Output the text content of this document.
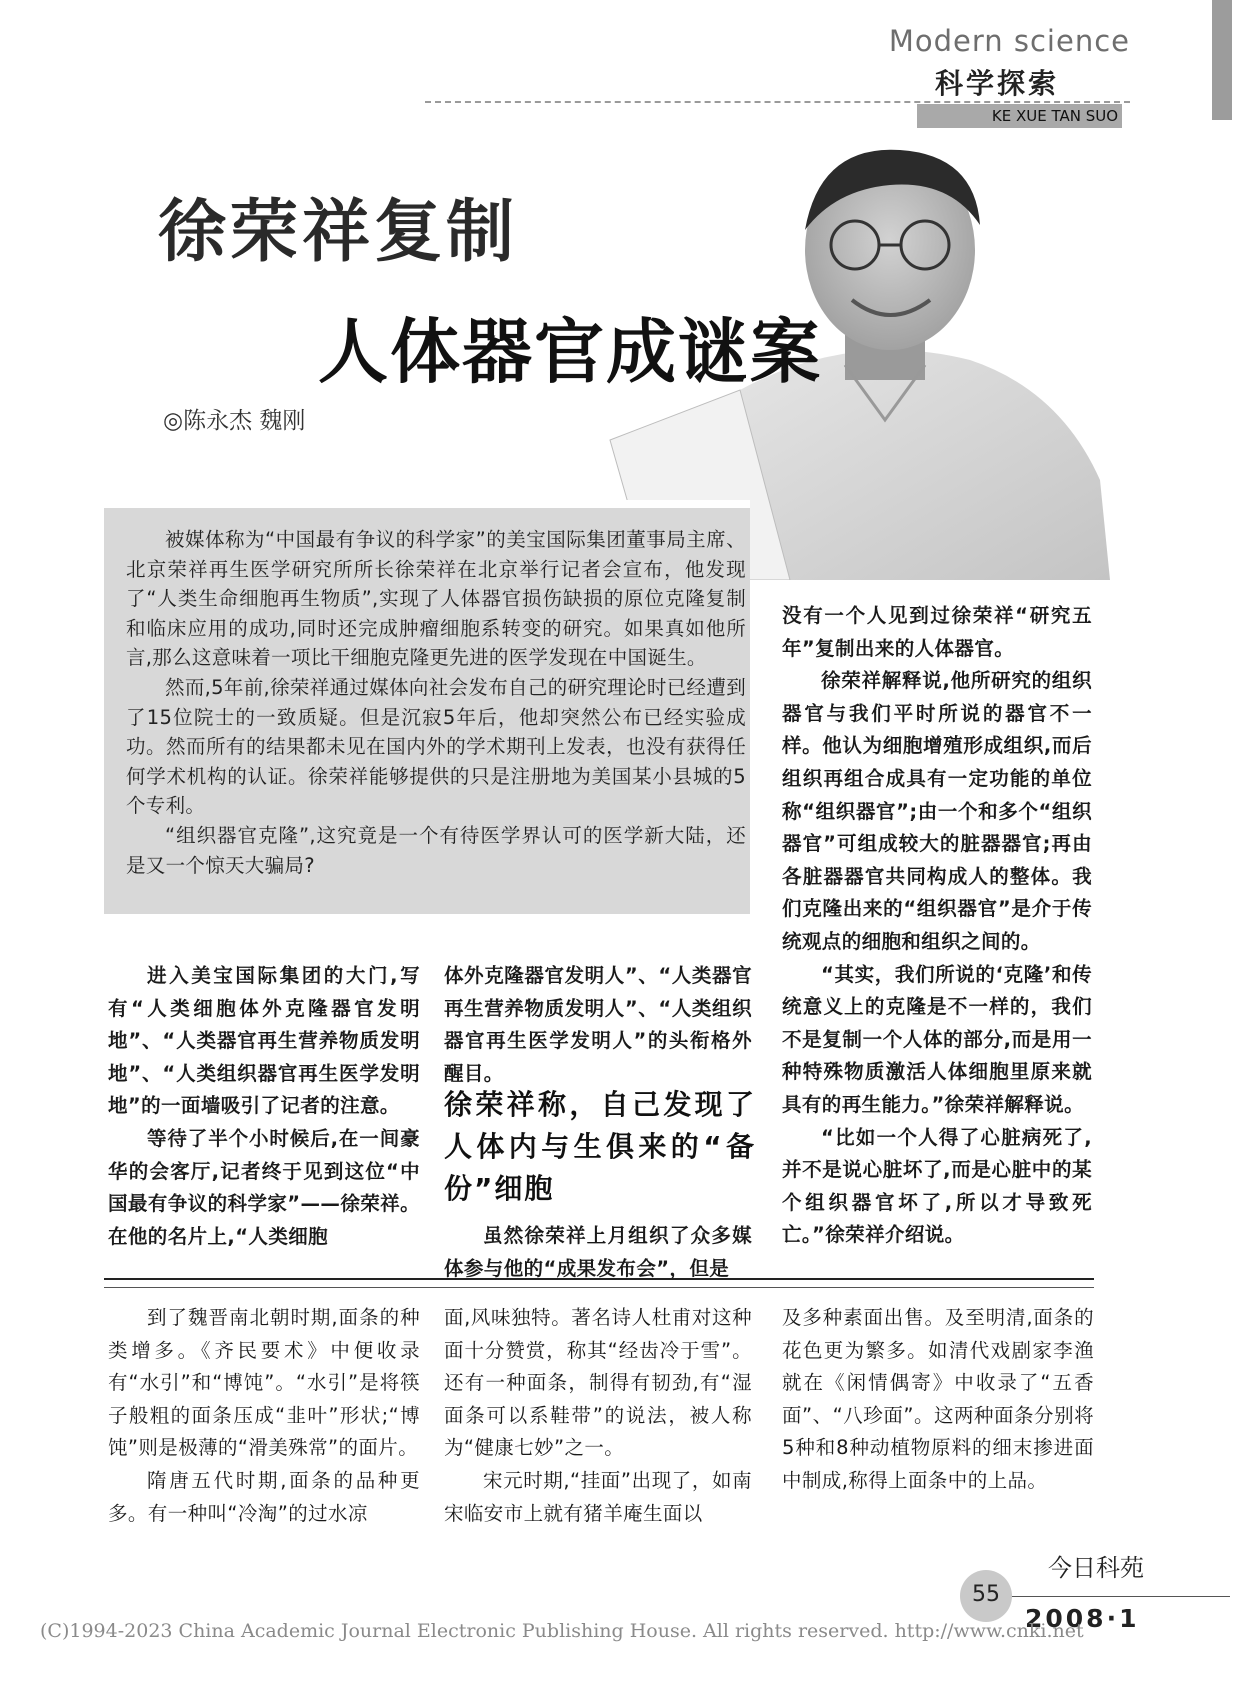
Modern science
科学探索
KE XUE TAN SUO
徐荣祥复制
人体器官成谜案
◎陈永杰 魏刚

被媒体称为“中国最有争议的科学家”的美宝国际集团董事局主席、北京荣祥再生医学研究所所长徐荣祥在北京举行记者会宣布，他发现了“人类生命细胞再生物质”,实现了人体器官损伤缺损的原位克隆复制和临床应用的成功,同时还完成肿瘤细胞系转变的研究。如果真如他所言,那么这意味着一项比干细胞克隆更先进的医学发现在中国诞生。

然而,5年前,徐荣祥通过媒体向社会发布自己的研究理论时已经遭到了15位院士的一致质疑。但是沉寂5年后，他却突然公布已经实验成功。然而所有的结果都未见在国内外的学术期刊上发表，也没有获得任何学术机构的认证。徐荣祥能够提供的只是注册地为美国某小县城的5个专利。

“组织器官克隆”,这究竟是一个有待医学界认可的医学新大陆，还是又一个惊天大骗局?

没有一个人见到过徐荣祥“研究五年”复制出来的人体器官。

徐荣祥解释说,他所研究的组织器官与我们平时所说的器官不一样。他认为细胞增殖形成组织,而后组织再组合成具有一定功能的单位称“组织器官”;由一个和多个“组织器官”可组成较大的脏器器官;再由各脏器器官共同构成人的整体。我们克隆出来的“组织器官”是介于传统观点的细胞和组织之间的。

“其实，我们所说的‘克隆’和传统意义上的克隆是不一样的，我们不是复制一个人体的部分,而是用一种特殊物质激活人体细胞里原来就具有的再生能力。”徐荣祥解释说。

“比如一个人得了心脏病死了,并不是说心脏坏了,而是心脏中的某个组织器官坏了,所以才导致死亡。”徐荣祥介绍说。

进入美宝国际集团的大门,写有“人类细胞体外克隆器官发明地”、“人类器官再生营养物质发明地”、“人类组织器官再生医学发明地”的一面墙吸引了记者的注意。

等待了半个小时候后,在一间豪华的会客厅,记者终于见到这位“中国最有争议的科学家”——徐荣祥。在他的名片上,“人类细胞

体外克隆器官发明人”、“人类器官再生营养物质发明人”、“人类组织器官再生医学发明人”的头衔格外醒目。

徐荣祥称，自己发现了人体内与生俱来的“备份”细胞

虽然徐荣祥上月组织了众多媒体参与他的“成果发布会”，但是

到了魏晋南北朝时期,面条的种类增多。《齐民要术》中便收录有“水引”和“博饨”。“水引”是将筷子般粗的面条压成“韭叶”形状;“博饨”则是极薄的“滑美殊常”的面片。

隋唐五代时期,面条的品种更多。有一种叫“冷淘”的过水凉

面,风味独特。著名诗人杜甫对这种面十分赞赏，称其“经齿冷于雪”。还有一种面条，制得有韧劲,有“湿面条可以系鞋带”的说法，被人称为“健康七妙”之一。

宋元时期,“挂面”出现了，如南宋临安市上就有猪羊庵生面以

及多种素面出售。及至明清,面条的花色更为繁多。如清代戏剧家李渔就在《闲情偶寄》中收录了“五香面”、“八珍面”。这两种面条分别将5种和8种动植物原料的细末掺进面中制成,称得上面条中的上品。

今日科苑
55
2008·1
(C)1994-2023 China Academic Journal Electronic Publishing House. All rights reserved. http://www.cnki.net
